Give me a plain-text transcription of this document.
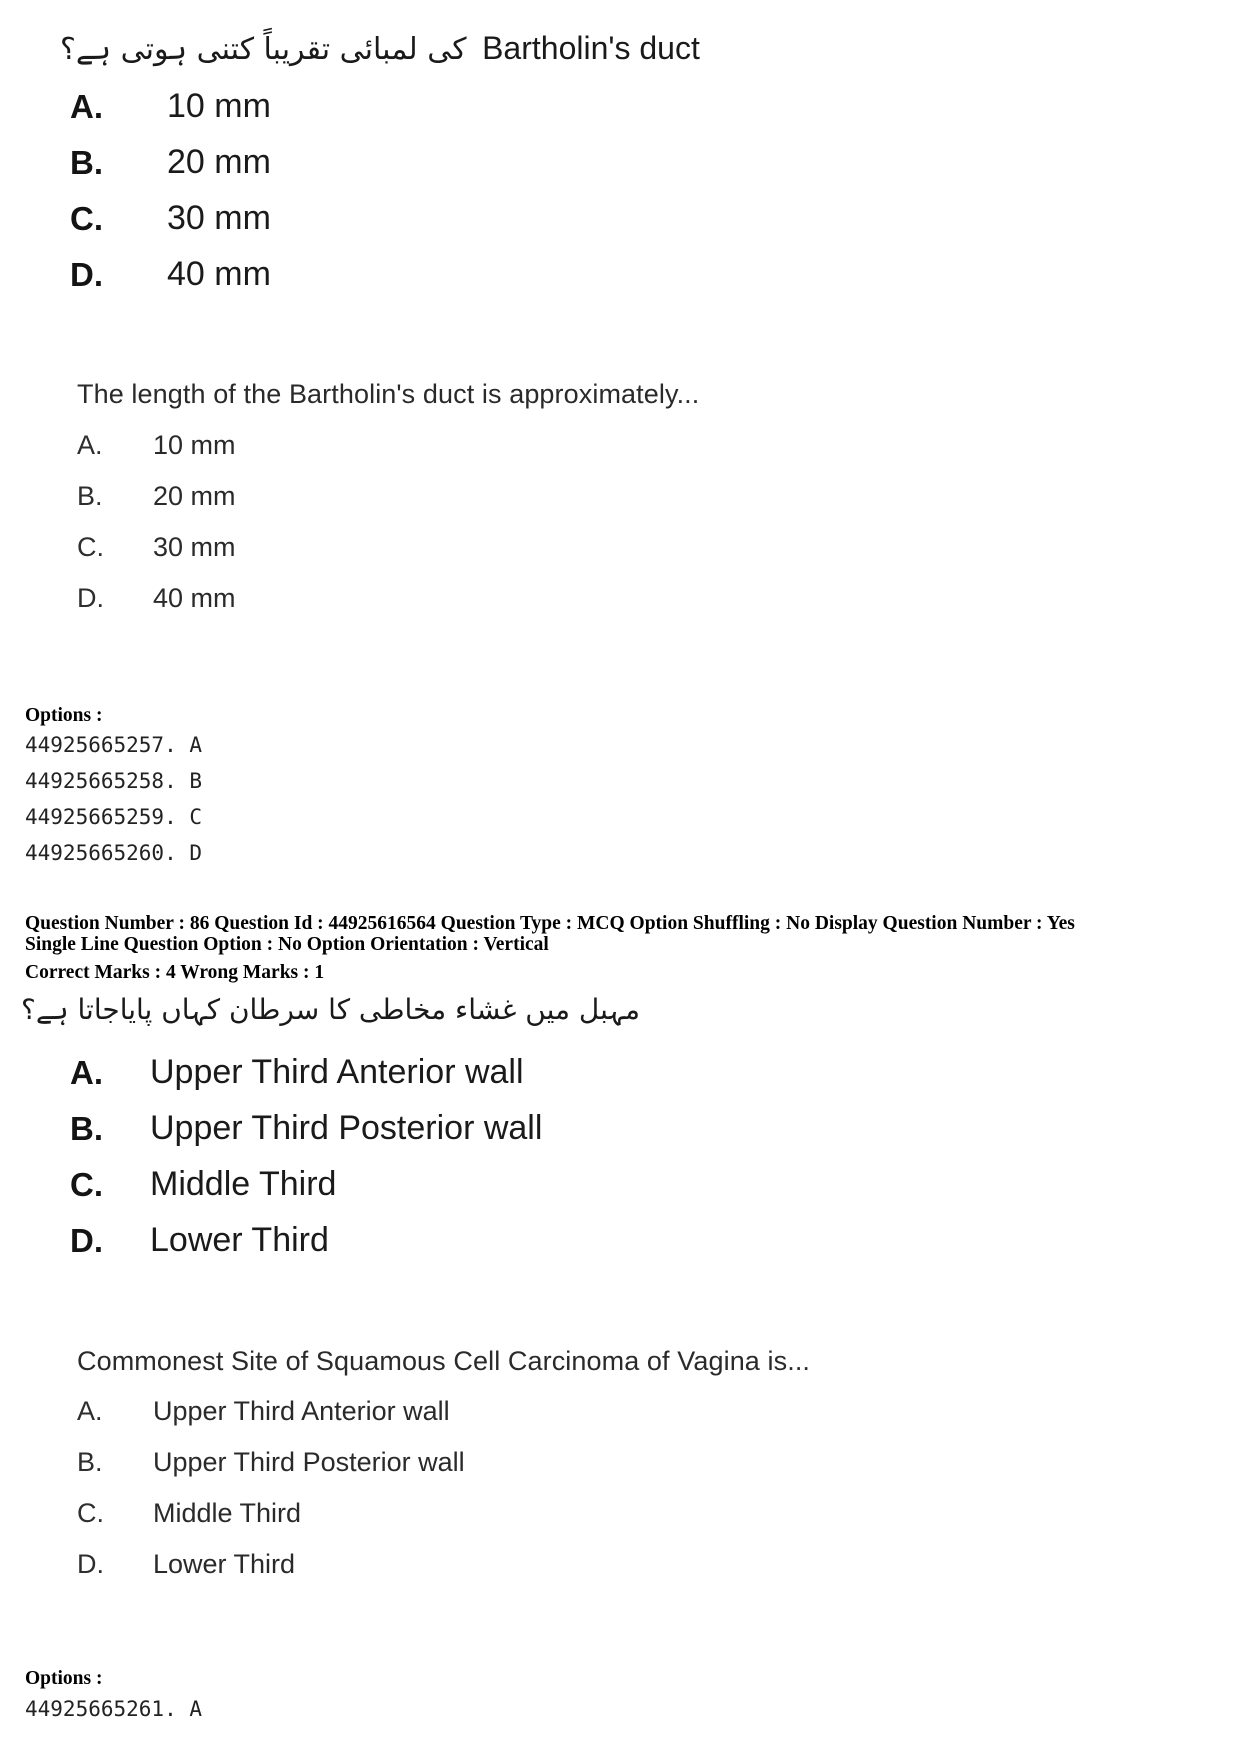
کی لمبائی تقریباً کتنی ہوتی ہے؟ Bartholin's duct
A. 10 mm
B. 20 mm
C. 30 mm
D. 40 mm
The length of the Bartholin's duct is approximately...
A. 10 mm
B. 20 mm
C. 30 mm
D. 40 mm
Options :
44925665257. A
44925665258. B
44925665259. C
44925665260. D
Question Number : 86 Question Id : 44925616564 Question Type : MCQ Option Shuffling : No Display Question Number : Yes
Single Line Question Option : No Option Orientation : Vertical
Correct Marks : 4 Wrong Marks : 1
مہبل میں غشاء مخاطی کا سرطان کہاں پایاجاتا ہے؟
A. Upper Third Anterior wall
B. Upper Third Posterior wall
C. Middle Third
D. Lower Third
Commonest Site of Squamous Cell Carcinoma of Vagina is...
A. Upper Third Anterior wall
B. Upper Third Posterior wall
C. Middle Third
D. Lower Third
Options :
44925665261. A
